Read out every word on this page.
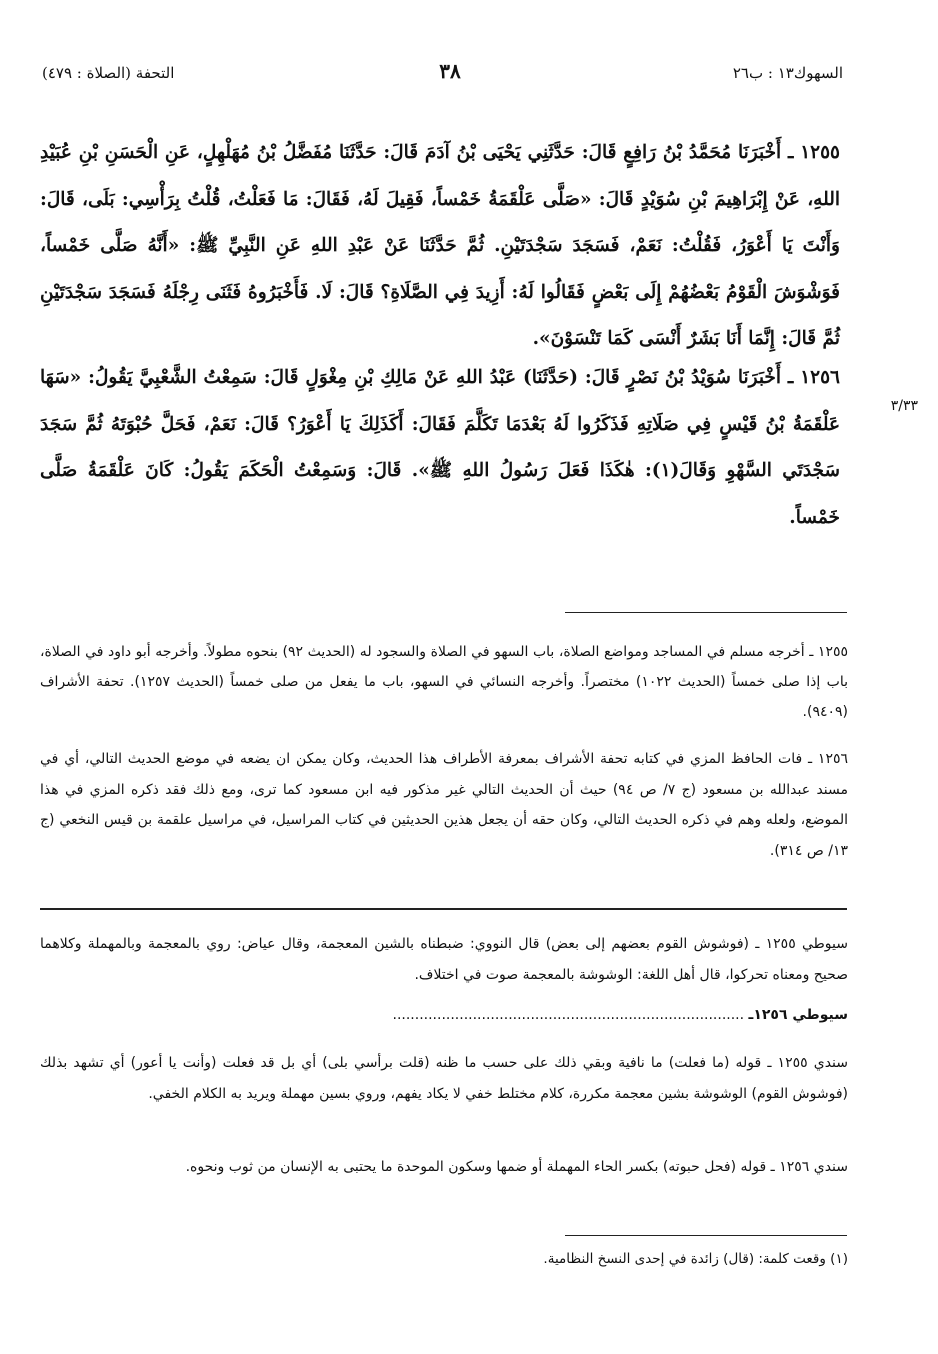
السهوك١٣ : ب٢٦
٣٨
التحفة (الصلاة : ٤٧٩)
١٢٥٥ ـ أَخْبَرَنَا مُحَمَّدُ بْنُ رَافِعٍ قَالَ: حَدَّثَنِي يَحْيَى بْنُ آدَمَ قَالَ: حَدَّثَنَا مُفَضَّلُ بْنُ مُهَلْهِلٍ، عَنِ الْحَسَنِ بْنِ عُبَيْدِ اللهِ، عَنْ إِبْرَاهِيمَ بْنِ سُوَيْدٍ قَالَ: «صَلَّى عَلْقَمَةُ خَمْساً، فَقِيلَ لَهُ، فَقَالَ: مَا فَعَلْتُ، قُلْتُ بِرَأْسِي: بَلَى، قَالَ: وَأَنْتَ يَا أَعْوَرُ، فَقُلْتُ: نَعَمْ، فَسَجَدَ سَجْدَتَيْنِ. ثُمَّ حَدَّثَنَا عَنْ عَبْدِ اللهِ عَنِ النَّبِيِّ ﷺ: «أَنَّهُ صَلَّى خَمْساً، فَوَشْوَشَ الْقَوْمُ بَعْضُهُمْ إِلَى بَعْضٍ فَقَالُوا لَهُ: أَزِيدَ فِي الصَّلَاةِ؟ قَالَ: لَا. فَأَخْبَرُوهُ فَثَنَى رِجْلَهُ فَسَجَدَ سَجْدَتَيْنِ ثُمَّ قَالَ: إِنَّمَا أَنَا بَشَرٌ أَنْسَى كَمَا تَنْسَوْنَ».
٣/٣٣
١٢٥٦ ـ أَخْبَرَنَا سُوَيْدُ بْنُ نَصْرٍ قَالَ: (حَدَّثَنَا) عَبْدُ اللهِ عَنْ مَالِكِ بْنِ مِغْوَلٍ قَالَ: سَمِعْتُ الشَّعْبِيَّ يَقُولُ: «سَهَا عَلْقَمَةُ بْنُ قَيْسٍ فِي صَلَاتِهِ فَذَكَرُوا لَهُ بَعْدَمَا تَكَلَّمَ فَقَالَ: أَكَذَلِكَ يَا أَعْوَرُ؟ قَالَ: نَعَمْ، فَحَلَّ حُبْوَتَهُ ثُمَّ سَجَدَ سَجْدَتَي السَّهْوِ وَقَالَ(١): هٰكَذَا فَعَلَ رَسُولُ اللهِ ﷺ». قَالَ: وَسَمِعْتُ الْحَكَمَ يَقُولُ: كَانَ عَلْقَمَةُ صَلَّى خَمْساً.
١٢٥٥ ـ أخرجه مسلم في المساجد ومواضع الصلاة، باب السهو في الصلاة والسجود له (الحديث ٩٢) بنحوه مطولاً. وأخرجه أبو داود في الصلاة، باب إذا صلى خمساً (الحديث ١٠٢٢) مختصراً. وأخرجه النسائي في السهو، باب ما يفعل من صلى خمساً (الحديث ١٢٥٧). تحفة الأشراف (٩٤٠٩).
١٢٥٦ ـ فات الحافظ المزي في كتابه تحفة الأشراف بمعرفة الأطراف هذا الحديث، وكان يمكن ان يضعه في موضع الحديث التالي، أي في مسند عبدالله بن مسعود (ج ٧/ ص ٩٤) حيث أن الحديث التالي غير مذكور فيه ابن مسعود كما ترى، ومع ذلك فقد ذكره المزي في هذا الموضع، ولعله وهم في ذكره الحديث التالي، وكان حقه أن يجعل هذين الحديثين في كتاب المراسيل، في مراسيل علقمة بن قيس النخعي (ج ١٣/ ص ٣١٤).
سيوطي ١٢٥٥ ـ (فوشوش القوم بعضهم إلى بعض) قال النووي: ضبطناه بالشين المعجمة، وقال عياض: روي بالمعجمة وبالمهملة وكلاهما صحيح ومعناه تحركوا، قال أهل اللغة: الوشوشة بالمعجمة صوت في اختلاف.
سيوطي ١٢٥٦ـ ...............................................................................
سندي ١٢٥٥ ـ قوله (ما فعلت) ما نافية وبقي ذلك على حسب ما ظنه (قلت برأسي بلى) أي بل قد فعلت (وأنت يا أعور) أي تشهد بذلك (فوشوش القوم) الوشوشة بشين معجمة مكررة، كلام مختلط خفي لا يكاد يفهم، وروي بسين مهملة ويريد به الكلام الخفي.
سندي ١٢٥٦ ـ قوله (فحل حبوته) بكسر الحاء المهملة أو ضمها وسكون الموحدة ما يحتبى به الإنسان من ثوب ونحوه.
(١) وقعت كلمة: (قال) زائدة في إحدى النسخ النظامية.
